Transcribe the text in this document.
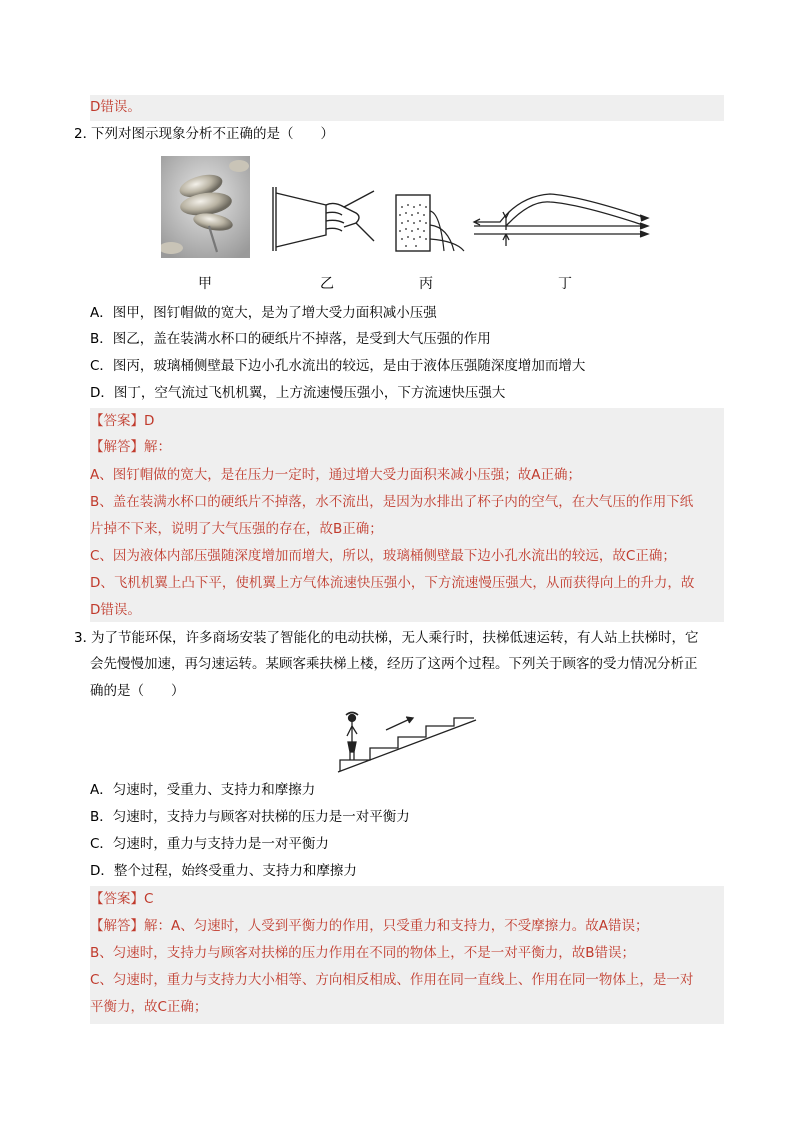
D错误。
2．
下列对图示现象分析不正确的是（　　）
甲	乙	丙	丁
A．图甲，图钉帽做的宽大，是为了增大受力面积减小压强
B．图乙，盖在装满水杯口的硬纸片不掉落，是受到大气压强的作用
C．图丙，玻璃桶侧壁最下边小孔水流出的较远，是由于液体压强随深度增加而增大
D．图丁，空气流过飞机机翼，上方流速慢压强小，下方流速快压强大
【答案】D
【解答】解：
A、图钉帽做的宽大，是在压力一定时，通过增大受力面积来减小压强；故A正确；
B、盖在装满水杯口的硬纸片不掉落，水不流出，是因为水排出了杯子内的空气，在大气压的作用下纸
片掉不下来，说明了大气压强的存在，故B正确；
C、因为液体内部压强随深度增加而增大，所以，玻璃桶侧壁最下边小孔水流出的较远，故C正确；
D、飞机机翼上凸下平，使机翼上方气体流速快压强小，下方流速慢压强大，从而获得向上的升力，故
D错误。
3．
为了节能环保，许多商场安装了智能化的电动扶梯，无人乘行时，扶梯低速运转，有人站上扶梯时，它
会先慢慢加速，再匀速运转。某顾客乘扶梯上楼，经历了这两个过程。下列关于顾客的受力情况分析正
确的是（　　）
A．匀速时，受重力、支持力和摩擦力
B．匀速时，支持力与顾客对扶梯的压力是一对平衡力
C．匀速时，重力与支持力是一对平衡力
D．整个过程，始终受重力、支持力和摩擦力
【答案】C
【解答】解：A、匀速时，人受到平衡力的作用，只受重力和支持力，不受摩擦力。故A错误；
B、匀速时，支持力与顾客对扶梯的压力作用在不同的物体上，不是一对平衡力，故B错误；
C、匀速时，重力与支持力大小相等、方向相反相成、作用在同一直线上、作用在同一物体上，是一对
平衡力，故C正确；
